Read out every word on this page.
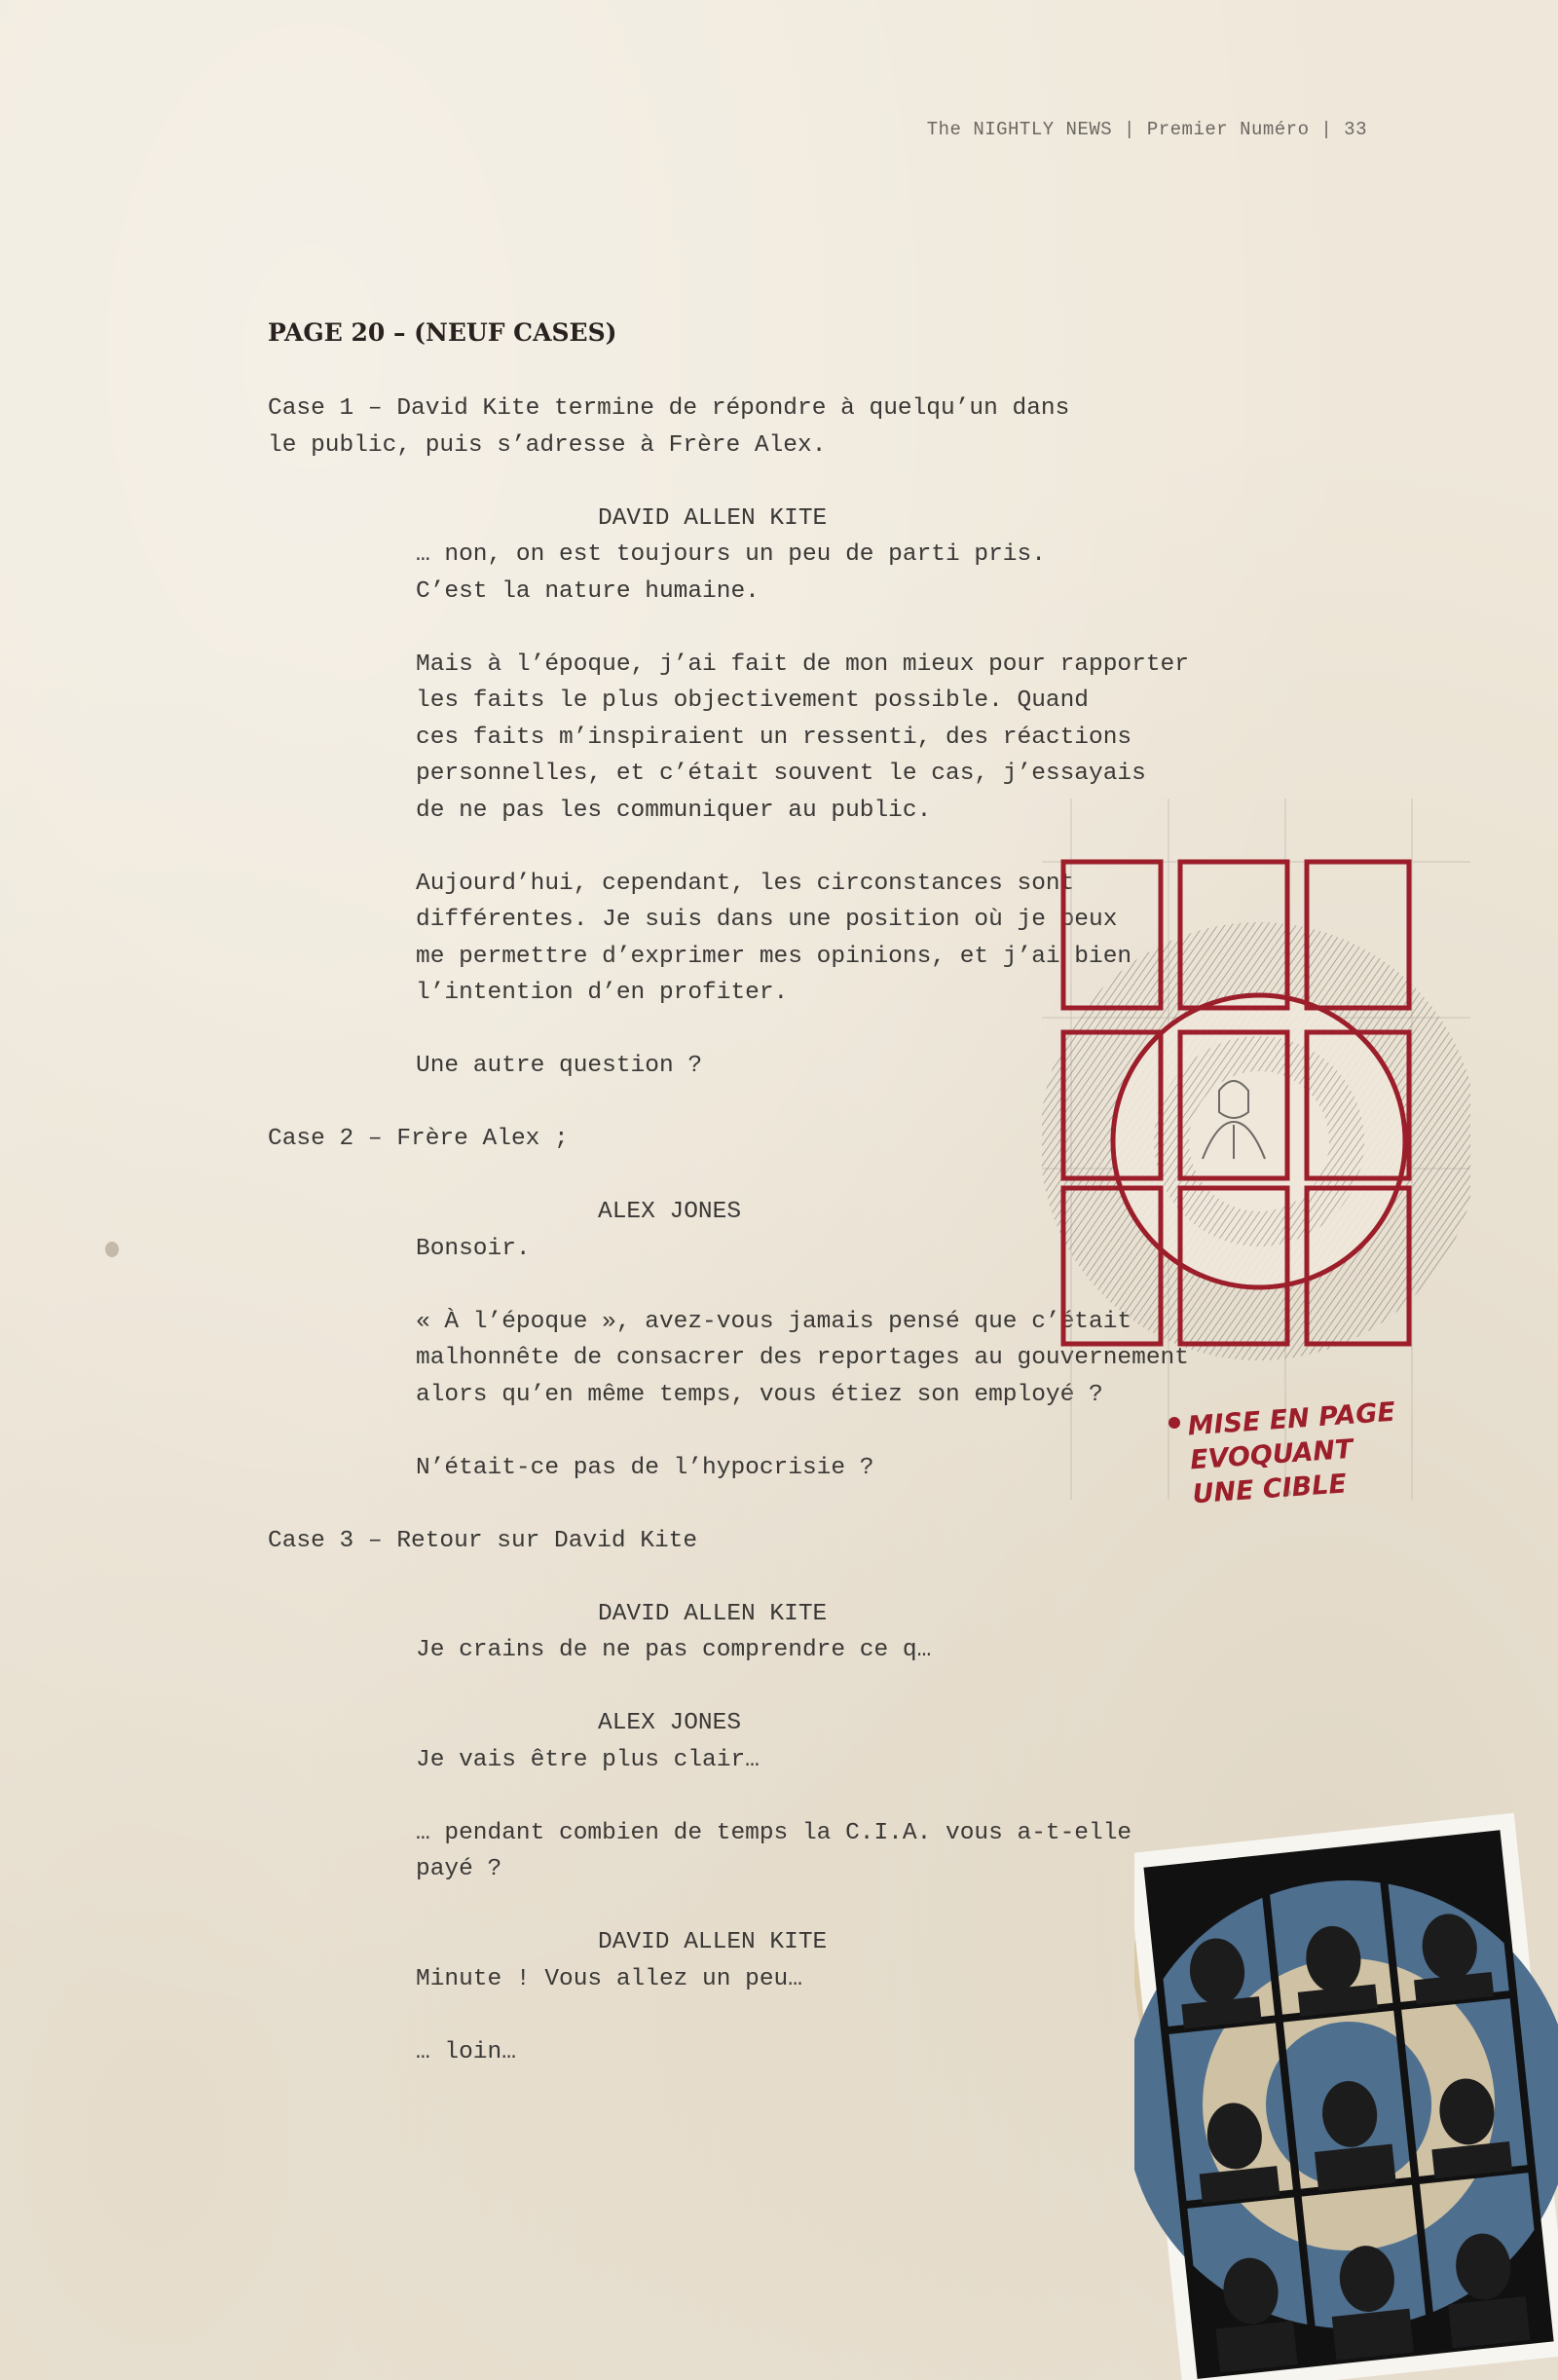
The NIGHTLY NEWS | Premier Numéro | 33
PAGE 20 – (NEUF CASES)
Case 1 – David Kite termine de répondre à quelqu’un dans
le public, puis s’adresse à Frère Alex.
DAVID ALLEN KITE
… non, on est toujours un peu de parti pris.
C’est la nature humaine.
Mais à l’époque, j’ai fait de mon mieux pour rapporter
les faits le plus objectivement possible. Quand
ces faits m’inspiraient un ressenti, des réactions
personnelles, et c’était souvent le cas, j’essayais
de ne pas les communiquer au public.
Aujourd’hui, cependant, les circonstances sont
différentes. Je suis dans une position où je peux
me permettre d’exprimer mes opinions, et j’ai bien
l’intention d’en profiter.
Une autre question ?
Case 2 – Frère Alex ;
ALEX JONES
Bonsoir.
« À l’époque », avez-vous jamais pensé que c’était
malhonnête de consacrer des reportages au gouvernement
alors qu’en même temps, vous étiez son employé ?
N’était-ce pas de l’hypocrisie ?
Case 3 – Retour sur David Kite
DAVID ALLEN KITE
Je crains de ne pas comprendre ce q…
ALEX JONES
Je vais être plus clair…
… pendant combien de temps la C.I.A. vous a-t-elle
payé ?
DAVID ALLEN KITE
Minute ! Vous allez un peu…
… loin…
MISE EN PAGE
EVOQUANT
UNE CIBLE
